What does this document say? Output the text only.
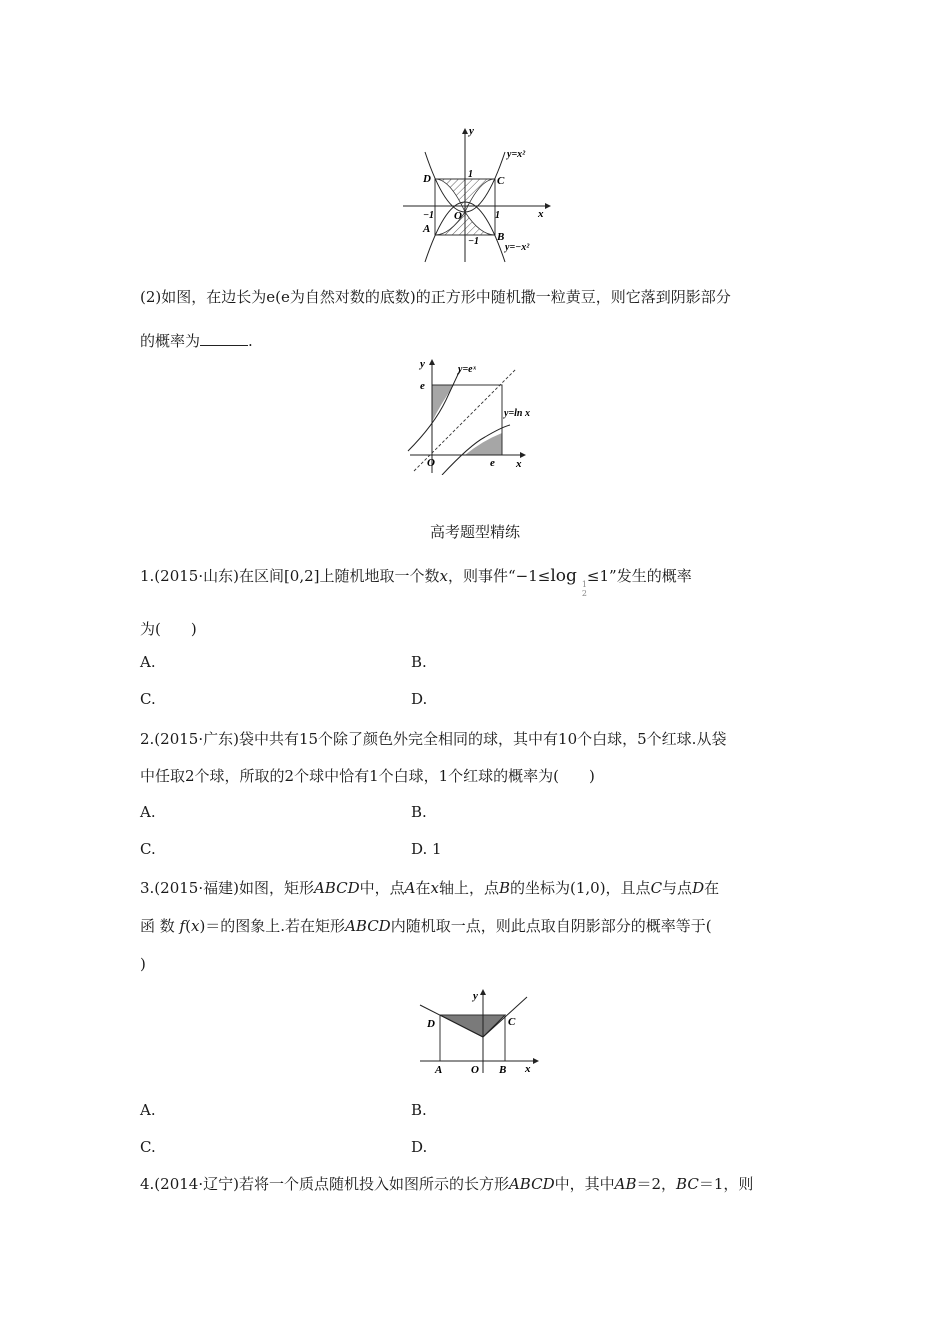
y
x
y=x²
y=−x²
D	C
A
B
O
1
−1	1
−1
(2)如图，在边长为e(e为自然对数的底数)的正方形中随机撒一粒黄豆，则它落到阴影部分
的概率为	.
y
x
y=eˣ
y=ln x
e
e
O
高考题型精练
1.(2015·山东)在区间[0,2]上随机地取一个数x，则事件“−1≤log 1 2
≤1”发生的概率
为(　　)
A.	B.
C.	D.
2.(2015·广东)袋中共有15个除了颜色外完全相同的球，其中有10个白球，5个红球.从袋
中任取2个球，所取的2个球中恰有1个白球，1个红球的概率为(　　)
A.	B.
C.	D. 1
3.(2015·福建)如图，矩形ABCD中，点A在x轴上，点B的坐标为(1,0)，且点C与点D在
函 数 f(x)＝的图象上.若在矩形ABCD内随机取一点，则此点取自阴影部分的概率等于(
)
y
x
D	C
A	O B
A.	B.
C.	D.
4.(2014·辽宁)若将一个质点随机投入如图所示的长方形ABCD中，其中AB＝2，BC＝1，则
